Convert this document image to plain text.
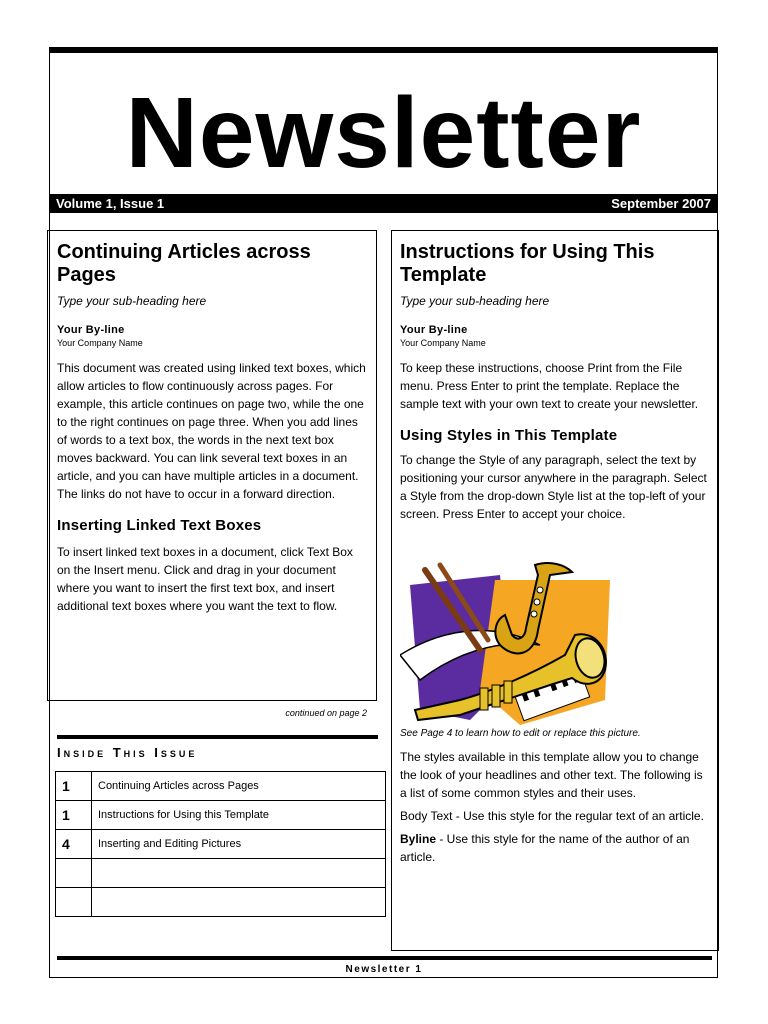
Newsletter
Volume 1, Issue 1	September 2007
Continuing Articles across Pages
Type your sub-heading here
Your By-line
Your Company Name

This document was created using linked text boxes, which allow articles to flow continuously across pages. For example, this article continues on page two, while the one to the right continues on page three. When you add lines of words to a text box, the words in the next text box moves backward. You can link several text boxes in an article, and you can have multiple articles in a document. The links do not have to occur in a forward direction.

Inserting Linked Text Boxes

To insert linked text boxes in a document, click Text Box on the Insert menu. Click and drag in your document where you want to insert the first text box, and insert additional text boxes where you want the text to flow.

continued on page 2
Inside This Issue
1	Continuing Articles across Pages
1	Instructions for Using this Template
4	Inserting and Editing Pictures

Instructions for Using This Template
Type your sub-heading here
Your By-line
Your Company Name

To keep these instructions, choose Print from the File menu. Press Enter to print the template. Replace the sample text with your own text to create your newsletter.

Using Styles in This Template

To change the Style of any paragraph, select the text by positioning your cursor anywhere in the paragraph. Select a Style from the drop-down Style list at the top-left of your screen. Press Enter to accept your choice.

See Page 4 to learn how to edit or replace this picture.

The styles available in this template allow you to change the look of your headlines and other text. The following is a list of some common styles and their uses.

Body Text - Use this style for the regular text of an article.

Byline - Use this style for the name of the author of an article.

Newsletter 1
